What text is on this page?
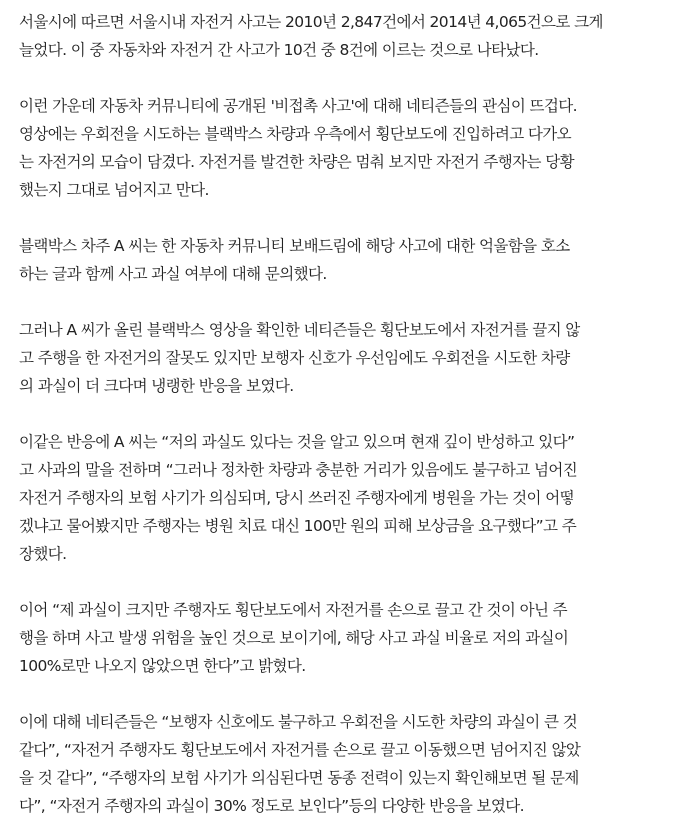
서울시에 따르면 서울시내 자전거 사고는 2010년 2,847건에서 2014년 4,065건으로 크게
늘었다. 이 중 자동차와 자전거 간 사고가 10건 중 8건에 이르는 것으로 나타났다.

이런 가운데 자동차 커뮤니티에 공개된 '비접촉 사고'에 대해 네티즌들의 관심이 뜨겁다.
영상에는 우회전을 시도하는 블랙박스 차량과 우측에서 횡단보도에 진입하려고 다가오
는 자전거의 모습이 담겼다. 자전거를 발견한 차량은 멈춰 보지만 자전거 주행자는 당황
했는지 그대로 넘어지고 만다.

블랙박스 차주 A 씨는 한 자동차 커뮤니티 보배드림에 해당 사고에 대한 억울함을 호소
하는 글과 함께 사고 과실 여부에 대해 문의했다.

그러나 A 씨가 올린 블랙박스 영상을 확인한 네티즌들은 횡단보도에서 자전거를 끌지 않
고 주행을 한 자전거의 잘못도 있지만 보행자 신호가 우선임에도 우회전을 시도한 차량
의 과실이 더 크다며 냉랭한 반응을 보였다.

이같은 반응에 A 씨는 “저의 과실도 있다는 것을 알고 있으며 현재 깊이 반성하고 있다”
고 사과의 말을 전하며 “그러나 정차한 차량과 충분한 거리가 있음에도 불구하고 넘어진
자전거 주행자의 보험 사기가 의심되며, 당시 쓰러진 주행자에게 병원을 가는 것이 어떻
겠냐고 물어봤지만 주행자는 병원 치료 대신 100만 원의 피해 보상금을 요구했다”고 주
장했다.

이어 “제 과실이 크지만 주행자도 횡단보도에서 자전거를 손으로 끌고 간 것이 아닌 주
행을 하며 사고 발생 위험을 높인 것으로 보이기에, 해당 사고 과실 비율로 저의 과실이
100%로만 나오지 않았으면 한다”고 밝혔다.

이에 대해 네티즌들은 “보행자 신호에도 불구하고 우회전을 시도한 차량의 과실이 큰 것
같다”, “자전거 주행자도 횡단보도에서 자전거를 손으로 끌고 이동했으면 넘어지진 않았
을 것 같다”, “주행자의 보험 사기가 의심된다면 동종 전력이 있는지 확인해보면 될 문제
다”, “자전거 주행자의 과실이 30% 정도로 보인다”등의 다양한 반응을 보였다.
